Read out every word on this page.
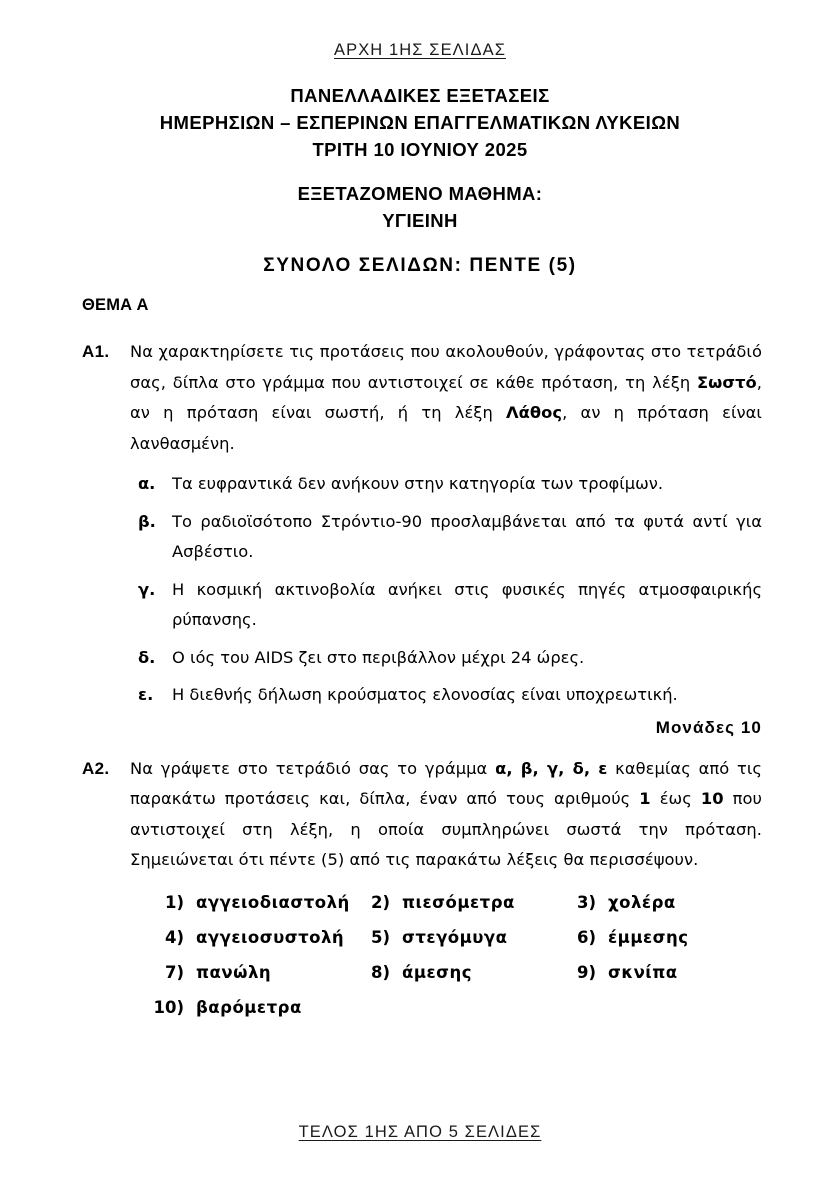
ΑΡΧΗ 1ΗΣ ΣΕΛΙΔΑΣ
ΠΑΝΕΛΛΑΔΙΚΕΣ ΕΞΕΤΑΣΕΙΣ
ΗΜΕΡΗΣΙΩΝ – ΕΣΠΕΡΙΝΩΝ ΕΠΑΓΓΕΛΜΑΤΙΚΩΝ ΛΥΚΕΙΩΝ
ΤΡΙΤΗ 10 ΙΟΥΝΙΟΥ 2025
ΕΞΕΤΑΖΟΜΕΝΟ ΜΑΘΗΜΑ:
ΥΓΙΕΙΝΗ
ΣΥΝΟΛΟ ΣΕΛΙΔΩΝ: ΠΕΝΤΕ (5)
ΘΕΜΑ Α
Α1.	Να χαρακτηρίσετε τις προτάσεις που ακολουθούν, γράφοντας στο τετράδιό σας, δίπλα στο γράμμα που αντιστοιχεί σε κάθε πρόταση, τη λέξη Σωστό, αν η πρόταση είναι σωστή, ή τη λέξη Λάθος, αν η πρόταση είναι λανθασμένη.
α.	Τα ευφραντικά δεν ανήκουν στην κατηγορία των τροφίμων.
β. Το ραδιοϊσότοπο Στρόντιο-90 προσλαμβάνεται από τα φυτά αντί για Ασβέστιο.
γ.	Η κοσμική ακτινοβολία ανήκει στις φυσικές πηγές ατμοσφαιρικής ρύπανσης.
δ.	Ο ιός του AIDS ζει στο περιβάλλον μέχρι 24 ώρες.
ε.	Η διεθνής δήλωση κρούσματος ελονοσίας είναι υποχρεωτική.
Μονάδες 10
Α2.	Να γράψετε στο τετράδιό σας το γράμμα α, β, γ, δ, ε καθεμίας από τις παρακάτω προτάσεις και, δίπλα, έναν από τους αριθμούς 1 έως 10 που αντιστοιχεί στη λέξη, η οποία συμπληρώνει σωστά την πρόταση. Σημειώνεται ότι πέντε (5) από τις παρακάτω λέξεις θα περισσέψουν.
1) αγγειοδιαστολή	2) πιεσόμετρα	3) χολέρα
4) αγγειοσυστολή	5) στεγόμυγα	6) έμμεσης
7) πανώλη	8) άμεσης	9) σκνίπα
10) βαρόμετρα
ΤΕΛΟΣ 1ΗΣ ΑΠΟ 5 ΣΕΛΙΔΕΣ
